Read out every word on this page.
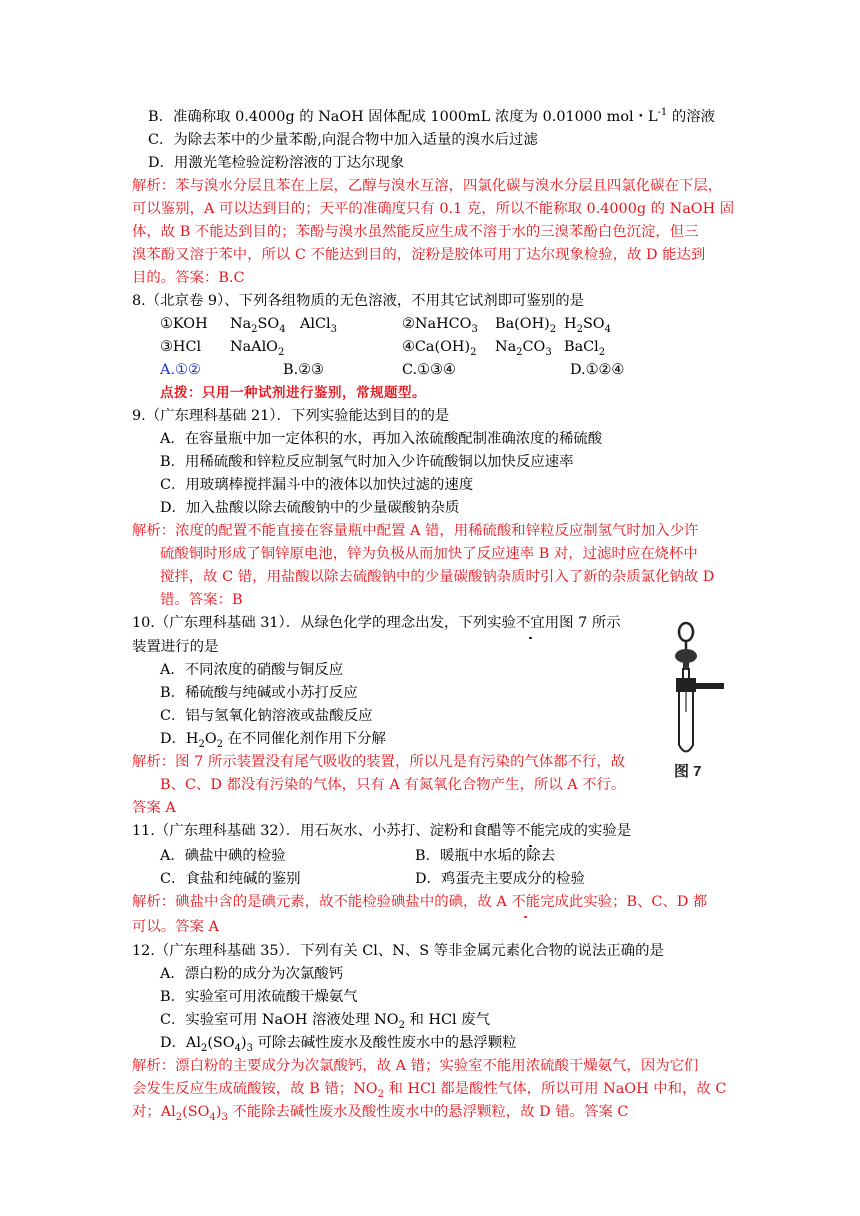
B．准确称取 0.4000g 的 NaOH 固体配成 1000mL 浓度为 0.01000 mol・$L^{-1}$ 的溶液
C．为除去苯中的少量苯酚,向混合物中加入适量的溴水后过滤
D．用激光笔检验淀粉溶液的丁达尔现象
解析：苯与溴水分层且苯在上层，乙醇与溴水互溶，四氯化碳与溴水分层且四氯化碳在下层，
可以鉴别，A 可以达到目的；天平的准确度只有 0.1 克，所以不能称取 0.4000g 的 NaOH 固
体，故 B 不能达到目的；苯酚与溴水虽然能反应生成不溶于水的三溴苯酚白色沉淀，但三
溴苯酚又溶于苯中，所以 C 不能达到目的，淀粉是胶体可用丁达尔现象检验，故 D 能达到
目的。答案：B.C
8.（北京卷 9）、下列各组物质的无色溶液，不用其它试剂即可鉴别的是
①KOH $Na_2SO_4$ AlCl$_3$	②NaHCO$_3$ $Ba(OH)_2$ $H_2SO_4$
③HCl NaAlO$_2$	$④Ca(OH)_2$ $Na_2CO_3$ BaCl$_2$
A.①②	B.②③	C.①③④	D.①②④
点拨：只用一种试剂进行鉴别，常规题型。
9.（广东理科基础 21）．下列实验能达到目的的是
A．在容量瓶中加一定体积的水，再加入浓硫酸配制准确浓度的稀硫酸
B．用稀硫酸和锌粒反应制氢气时加入少许硫酸铜以加快反应速率
C．用玻璃棒搅拌漏斗中的液体以加快过滤的速度
D．加入盐酸以除去硫酸钠中的少量碳酸钠杂质
解析：浓度的配置不能直接在容量瓶中配置 A 错，用稀硫酸和锌粒反应制氢气时加入少许
硫酸铜时形成了铜锌原电池，锌为负极从而加快了反应速率 B 对，过滤时应在烧杯中
搅拌，故 C 错，用盐酸以除去硫酸钠中的少量碳酸钠杂质时引入了新的杂质氯化钠故 D
错。答案：B
10.（广东理科基础 31）．从绿色化学的理念出发，下列实验不宜用图 7 所示
装置进行的是
A．不同浓度的硝酸与铜反应
B．稀硫酸与纯碱或小苏打反应
C．铝与氢氧化钠溶液或盐酸反应
D．$H_2O_2$ 在不同催化剂作用下分解
解析：图 7 所示装置没有尾气吸收的装置，所以凡是有污染的气体都不行，故
B、C、D 都没有污染的气体，只有 A 有氮氧化合物产生，所以 A 不行。
答案 A
图 7
11.（广东理科基础 32）．用石灰水、小苏打、淀粉和食醋等不能完成的实验是
A．碘盐中碘的检验	B．暖瓶中水垢的除去
C．食盐和纯碱的鉴别	D．鸡蛋壳主要成分的检验
解析：碘盐中含的是碘元素，故不能检验碘盐中的碘，故 A 不能完成此实验；B、C、D 都
可以。答案 A
12.（广东理科基础 35）．下列有关 Cl、N、S 等非金属元素化合物的说法正确的是
A．漂白粉的成分为次氯酸钙
B．实验室可用浓硫酸干燥氨气
C．实验室可用 NaOH 溶液处理 $NO_2$ 和 HCl 废气
D．$Al_2(SO_4)_3$ 可除去碱性废水及酸性废水中的悬浮颗粒
解析：漂白粉的主要成分为次氯酸钙，故 A 错；实验室不能用浓硫酸干燥氨气，因为它们
会发生反应生成硫酸铵，故 B 错；$NO_2$ 和 HCl 都是酸性气体，所以可用 NaOH 中和，故 C
对；$Al_2(SO_4)_3$ 不能除去碱性废水及酸性废水中的悬浮颗粒，故 D 错。答案 C
